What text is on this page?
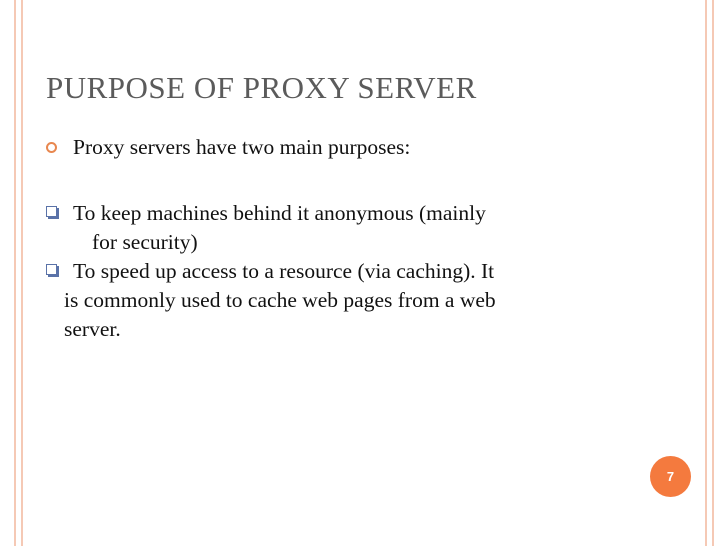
PURPOSE OF PROXY SERVER
Proxy servers have two main purposes:
To keep machines behind it anonymous (mainly
for security)
To speed up access to a resource (via caching). It
is commonly used to cache web pages from a web
server.
7
